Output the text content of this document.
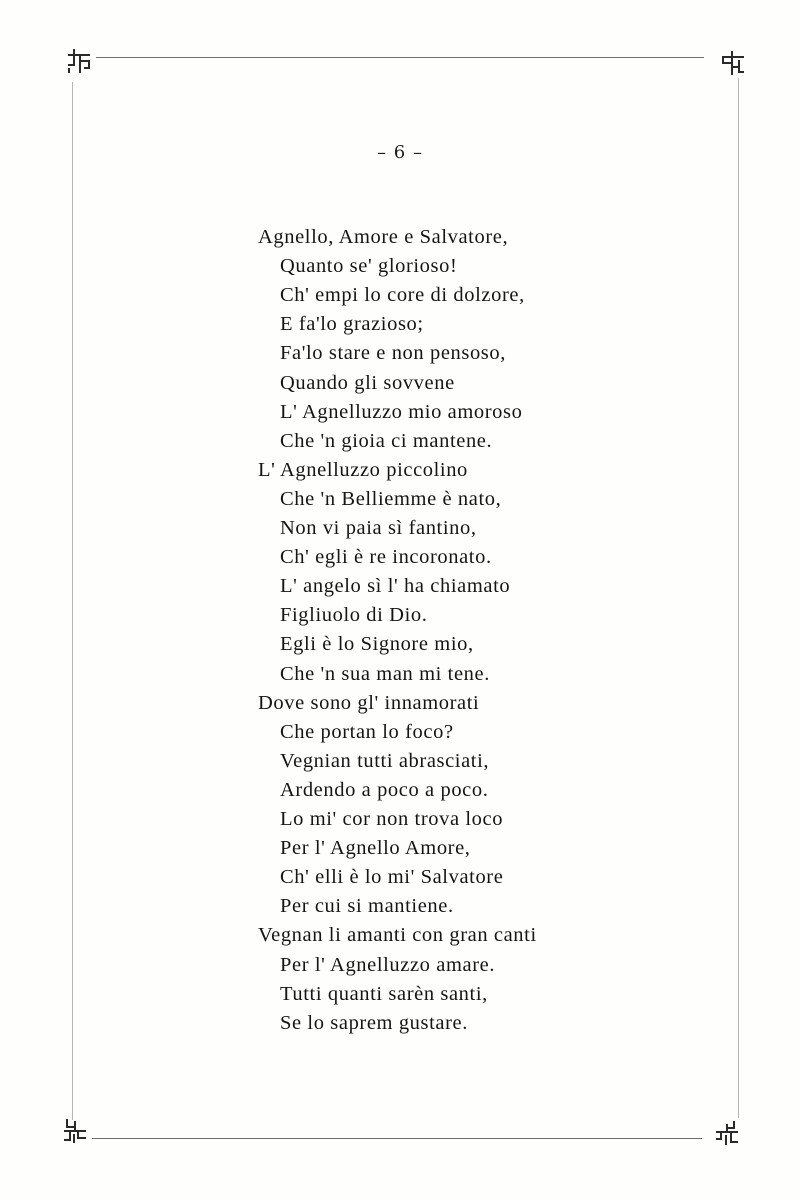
– 6 –
Agnello, Amore e Salvatore,
Quanto se' glorioso!
Ch' empi lo core di dolzore,
E fa'lo grazioso;
Fa'lo stare e non pensoso,
Quando gli sovvene
L' Agnelluzzo mio amoroso
Che 'n gioia ci mantene.
L' Agnelluzzo piccolino
Che 'n Belliemme è nato,
Non vi paia sì fantino,
Ch' egli è re incoronato.
L' angelo sì l' ha chiamato
Figliuolo di Dio.
Egli è lo Signore mio,
Che 'n sua man mi tene.
Dove sono gl' innamorati
Che portan lo foco?
Vegnian tutti abrasciati,
Ardendo a poco a poco.
Lo mi' cor non trova loco
Per l' Agnello Amore,
Ch' elli è lo mi' Salvatore
Per cui si mantiene.
Vegnan li amanti con gran canti
Per l' Agnelluzzo amare.
Tutti quanti sarèn santi,
Se lo saprem gustare.
